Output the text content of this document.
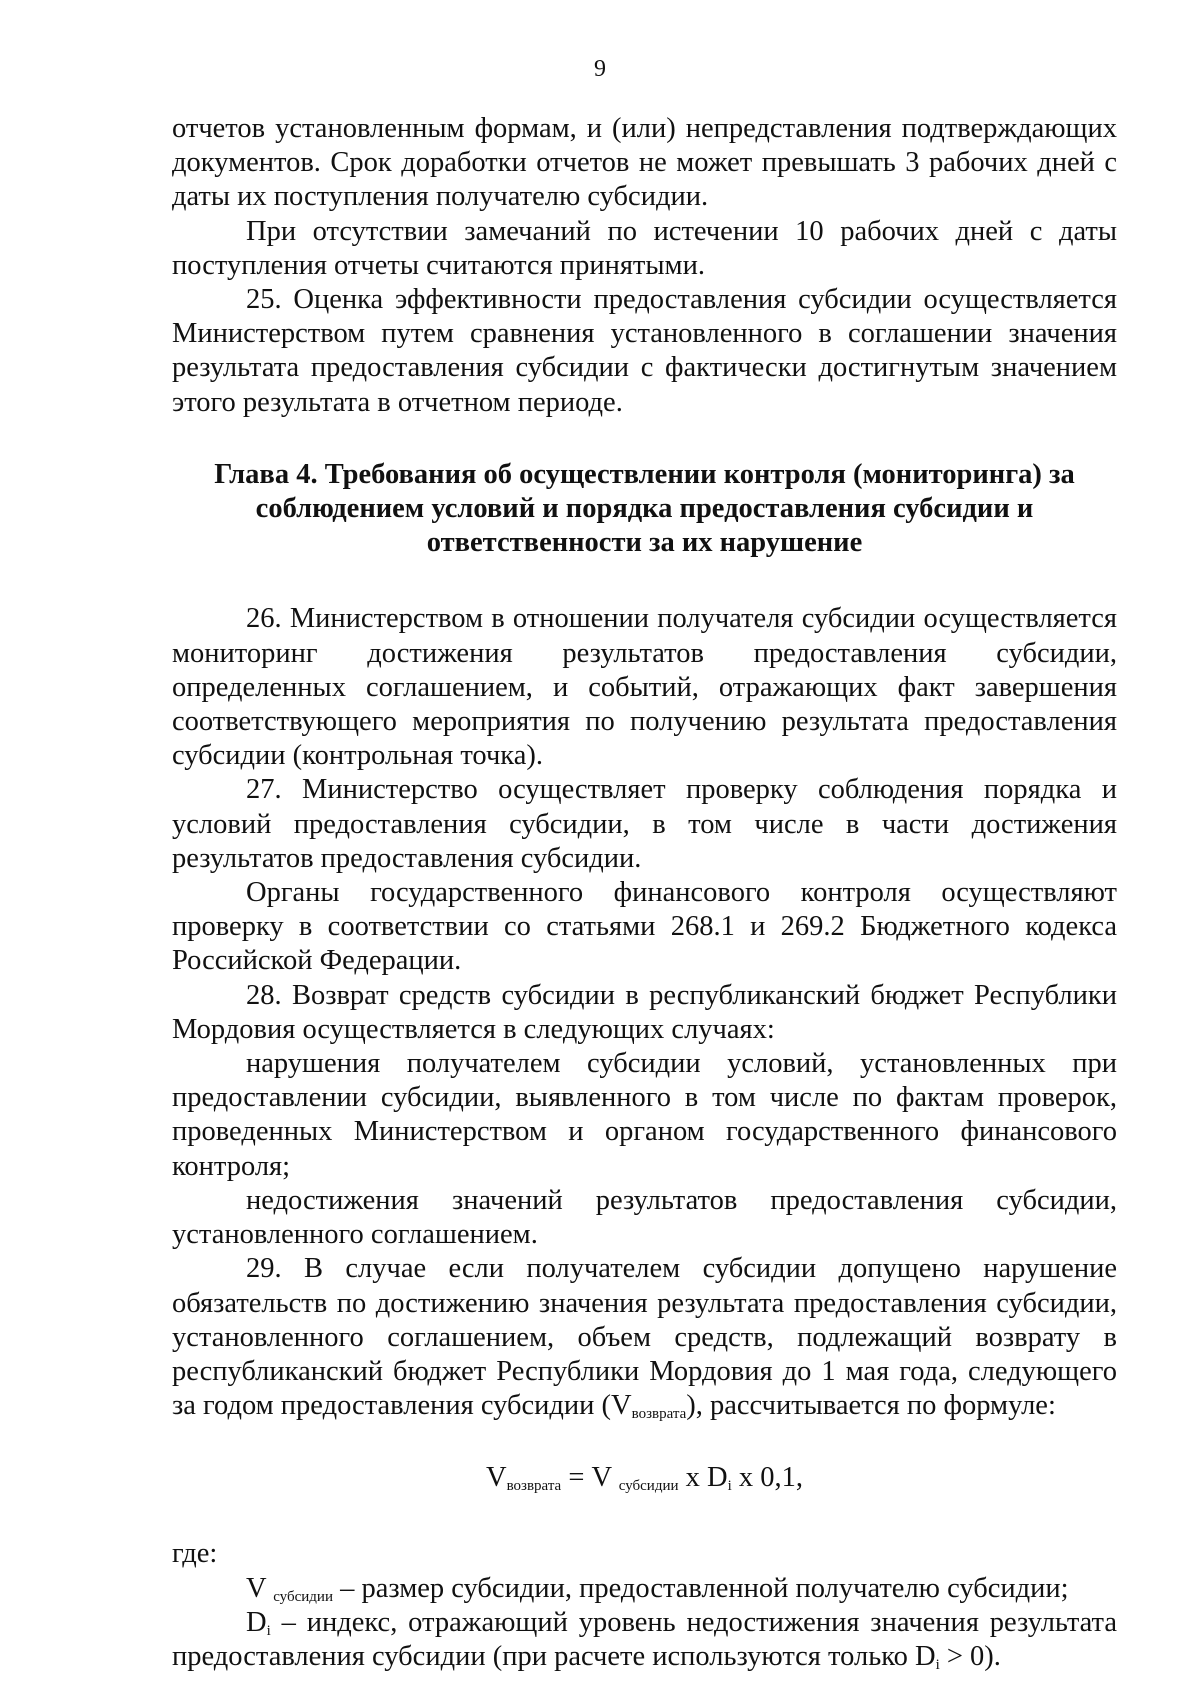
9

отчетов установленным формам, и (или) непредставления подтверждающих документов. Срок доработки отчетов не может превышать 3 рабочих дней с даты их поступления получателю субсидии.

При отсутствии замечаний по истечении 10 рабочих дней с даты поступления отчеты считаются принятыми.

25. Оценка эффективности предоставления субсидии осуществляется Министерством путем сравнения установленного в соглашении значения результата предоставления субсидии с фактически достигнутым значением этого результата в отчетном периоде.

Глава 4. Требования об осуществлении контроля (мониторинга) за
соблюдением условий и порядка предоставления субсидии и
ответственности за их нарушение

26. Министерством в отношении получателя субсидии осуществляется мониторинг достижения результатов предоставления субсидии, определенных соглашением, и событий, отражающих факт завершения соответствующего мероприятия по получению результата предоставления субсидии (контрольная точка).

27. Министерство осуществляет проверку соблюдения порядка и условий предоставления субсидии, в том числе в части достижения результатов предоставления субсидии.

Органы государственного финансового контроля осуществляют проверку в соответствии со статьями 268.1 и 269.2 Бюджетного кодекса Российской Федерации.

28. Возврат средств субсидии в республиканский бюджет Республики Мордовия осуществляется в следующих случаях:

нарушения получателем субсидии условий, установленных при предоставлении субсидии, выявленного в том числе по фактам проверок, проведенных Министерством и органом государственного финансового контроля;

недостижения значений результатов предоставления субсидии, установленного соглашением.

29. В случае если получателем субсидии допущено нарушение обязательств по достижению значения результата предоставления субсидии, установленного соглашением, объем средств, подлежащий возврату в республиканский бюджет Республики Мордовия до 1 мая года, следующего за годом предоставления субсидии $(V_{возврата})$, рассчитывается по формуле:

$V_{возврата} = V$ $_{субсидии}$ x $D_i$ x 0,1,

где:

V $_{субсидии}$ – размер субсидии, предоставленной получателю субсидии;

$D_i$ – индекс, отражающий уровень недостижения значения результата предоставления субсидии (при расчете используются только $D_i > 0$).
